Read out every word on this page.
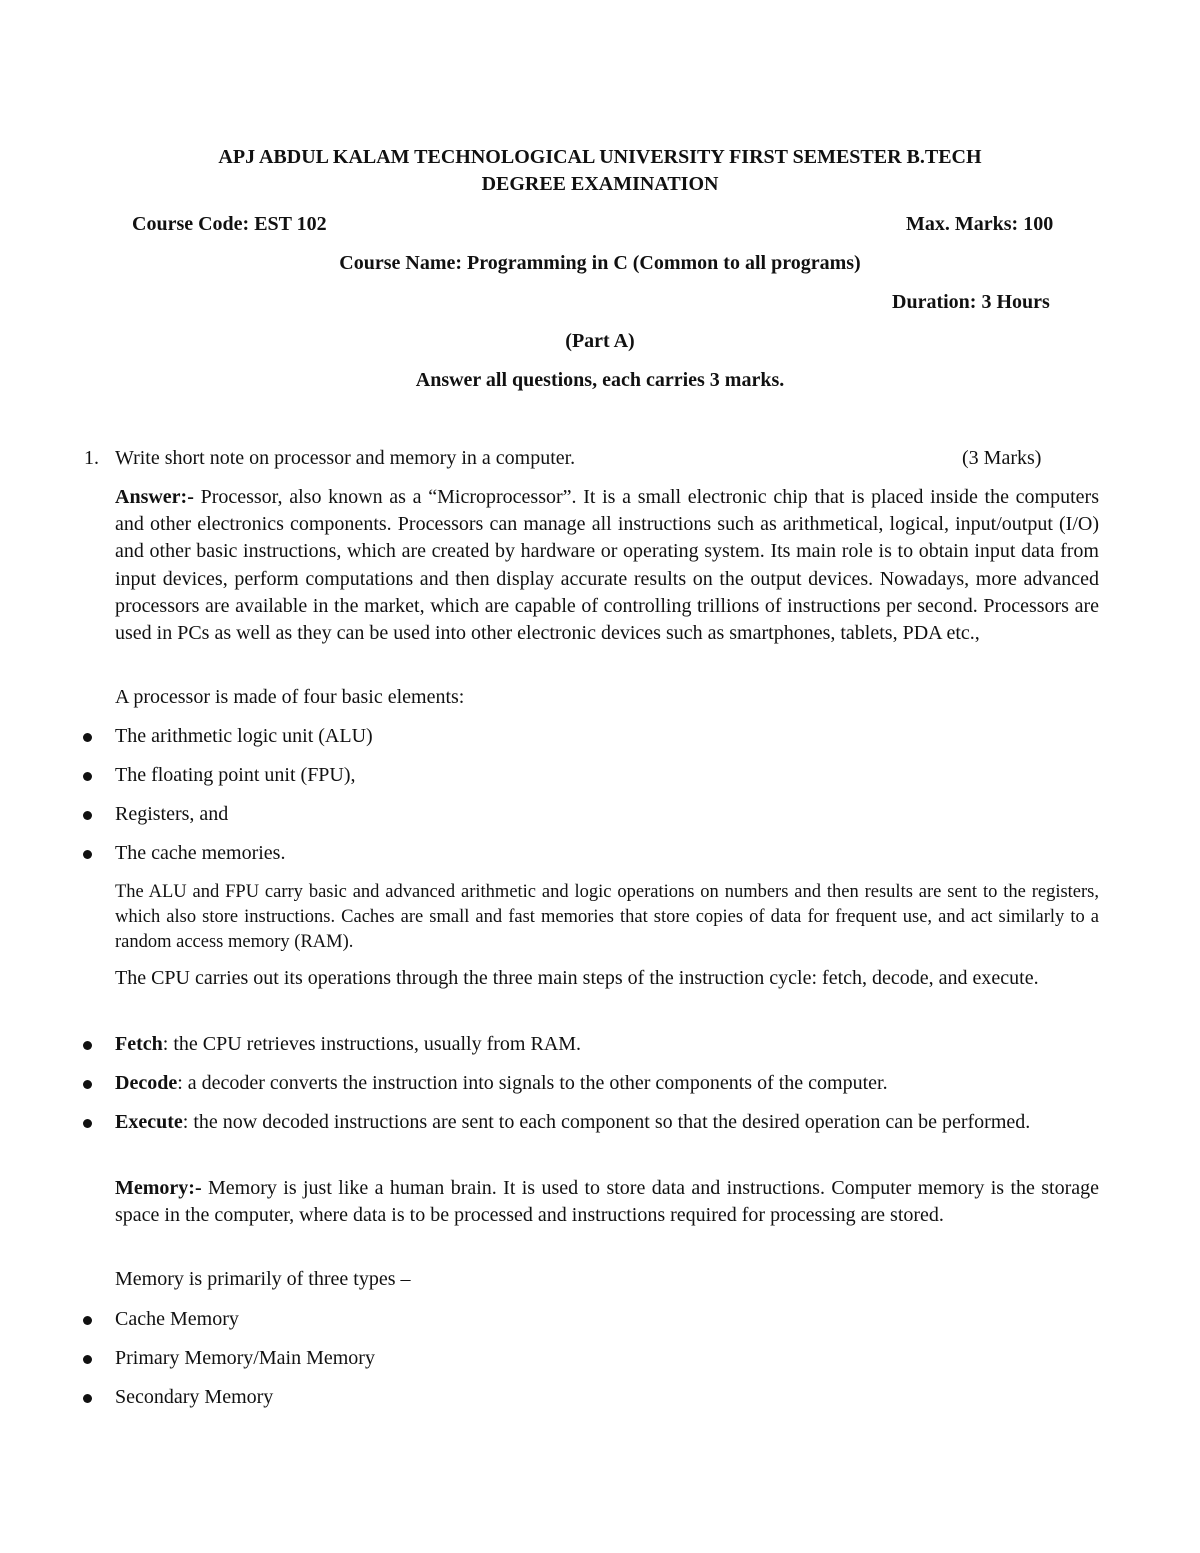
APJ ABDUL KALAM TECHNOLOGICAL UNIVERSITY FIRST SEMESTER B.TECH
DEGREE EXAMINATION
Course Code: EST 102	Max. Marks: 100
Course Name: Programming in C (Common to all programs)
Duration: 3 Hours
(Part A)
Answer all questions, each carries 3 marks.
1. Write short note on processor and memory in a computer.	(3 Marks)
Answer:- Processor, also known as a “Microprocessor”. It is a small electronic chip that is placed inside the computers and other electronics components. Processors can manage all instructions such as arithmetical, logical, input/output (I/O) and other basic instructions, which are created by hardware or operating system. Its main role is to obtain input data from input devices, perform computations and then display accurate results on the output devices. Nowadays, more advanced processors are available in the market, which are capable of controlling trillions of instructions per second. Processors are used in PCs as well as they can be used into other electronic devices such as smartphones, tablets, PDA etc.,
A processor is made of four basic elements:
The arithmetic logic unit (ALU)
The floating point unit (FPU),
Registers, and
The cache memories.
The ALU and FPU carry basic and advanced arithmetic and logic operations on numbers and then results are sent to the registers, which also store instructions. Caches are small and fast memories that store copies of data for frequent use, and act similarly to a random access memory (RAM).
The CPU carries out its operations through the three main steps of the instruction cycle: fetch, decode, and execute.
Fetch: the CPU retrieves instructions, usually from RAM.
Decode: a decoder converts the instruction into signals to the other components of the computer.
Execute: the now decoded instructions are sent to each component so that the desired operation can be performed.
Memory:- Memory is just like a human brain. It is used to store data and instructions. Computer memory is the storage space in the computer, where data is to be processed and instructions required for processing are stored.
Memory is primarily of three types –
Cache Memory
Primary Memory/Main Memory
Secondary Memory
